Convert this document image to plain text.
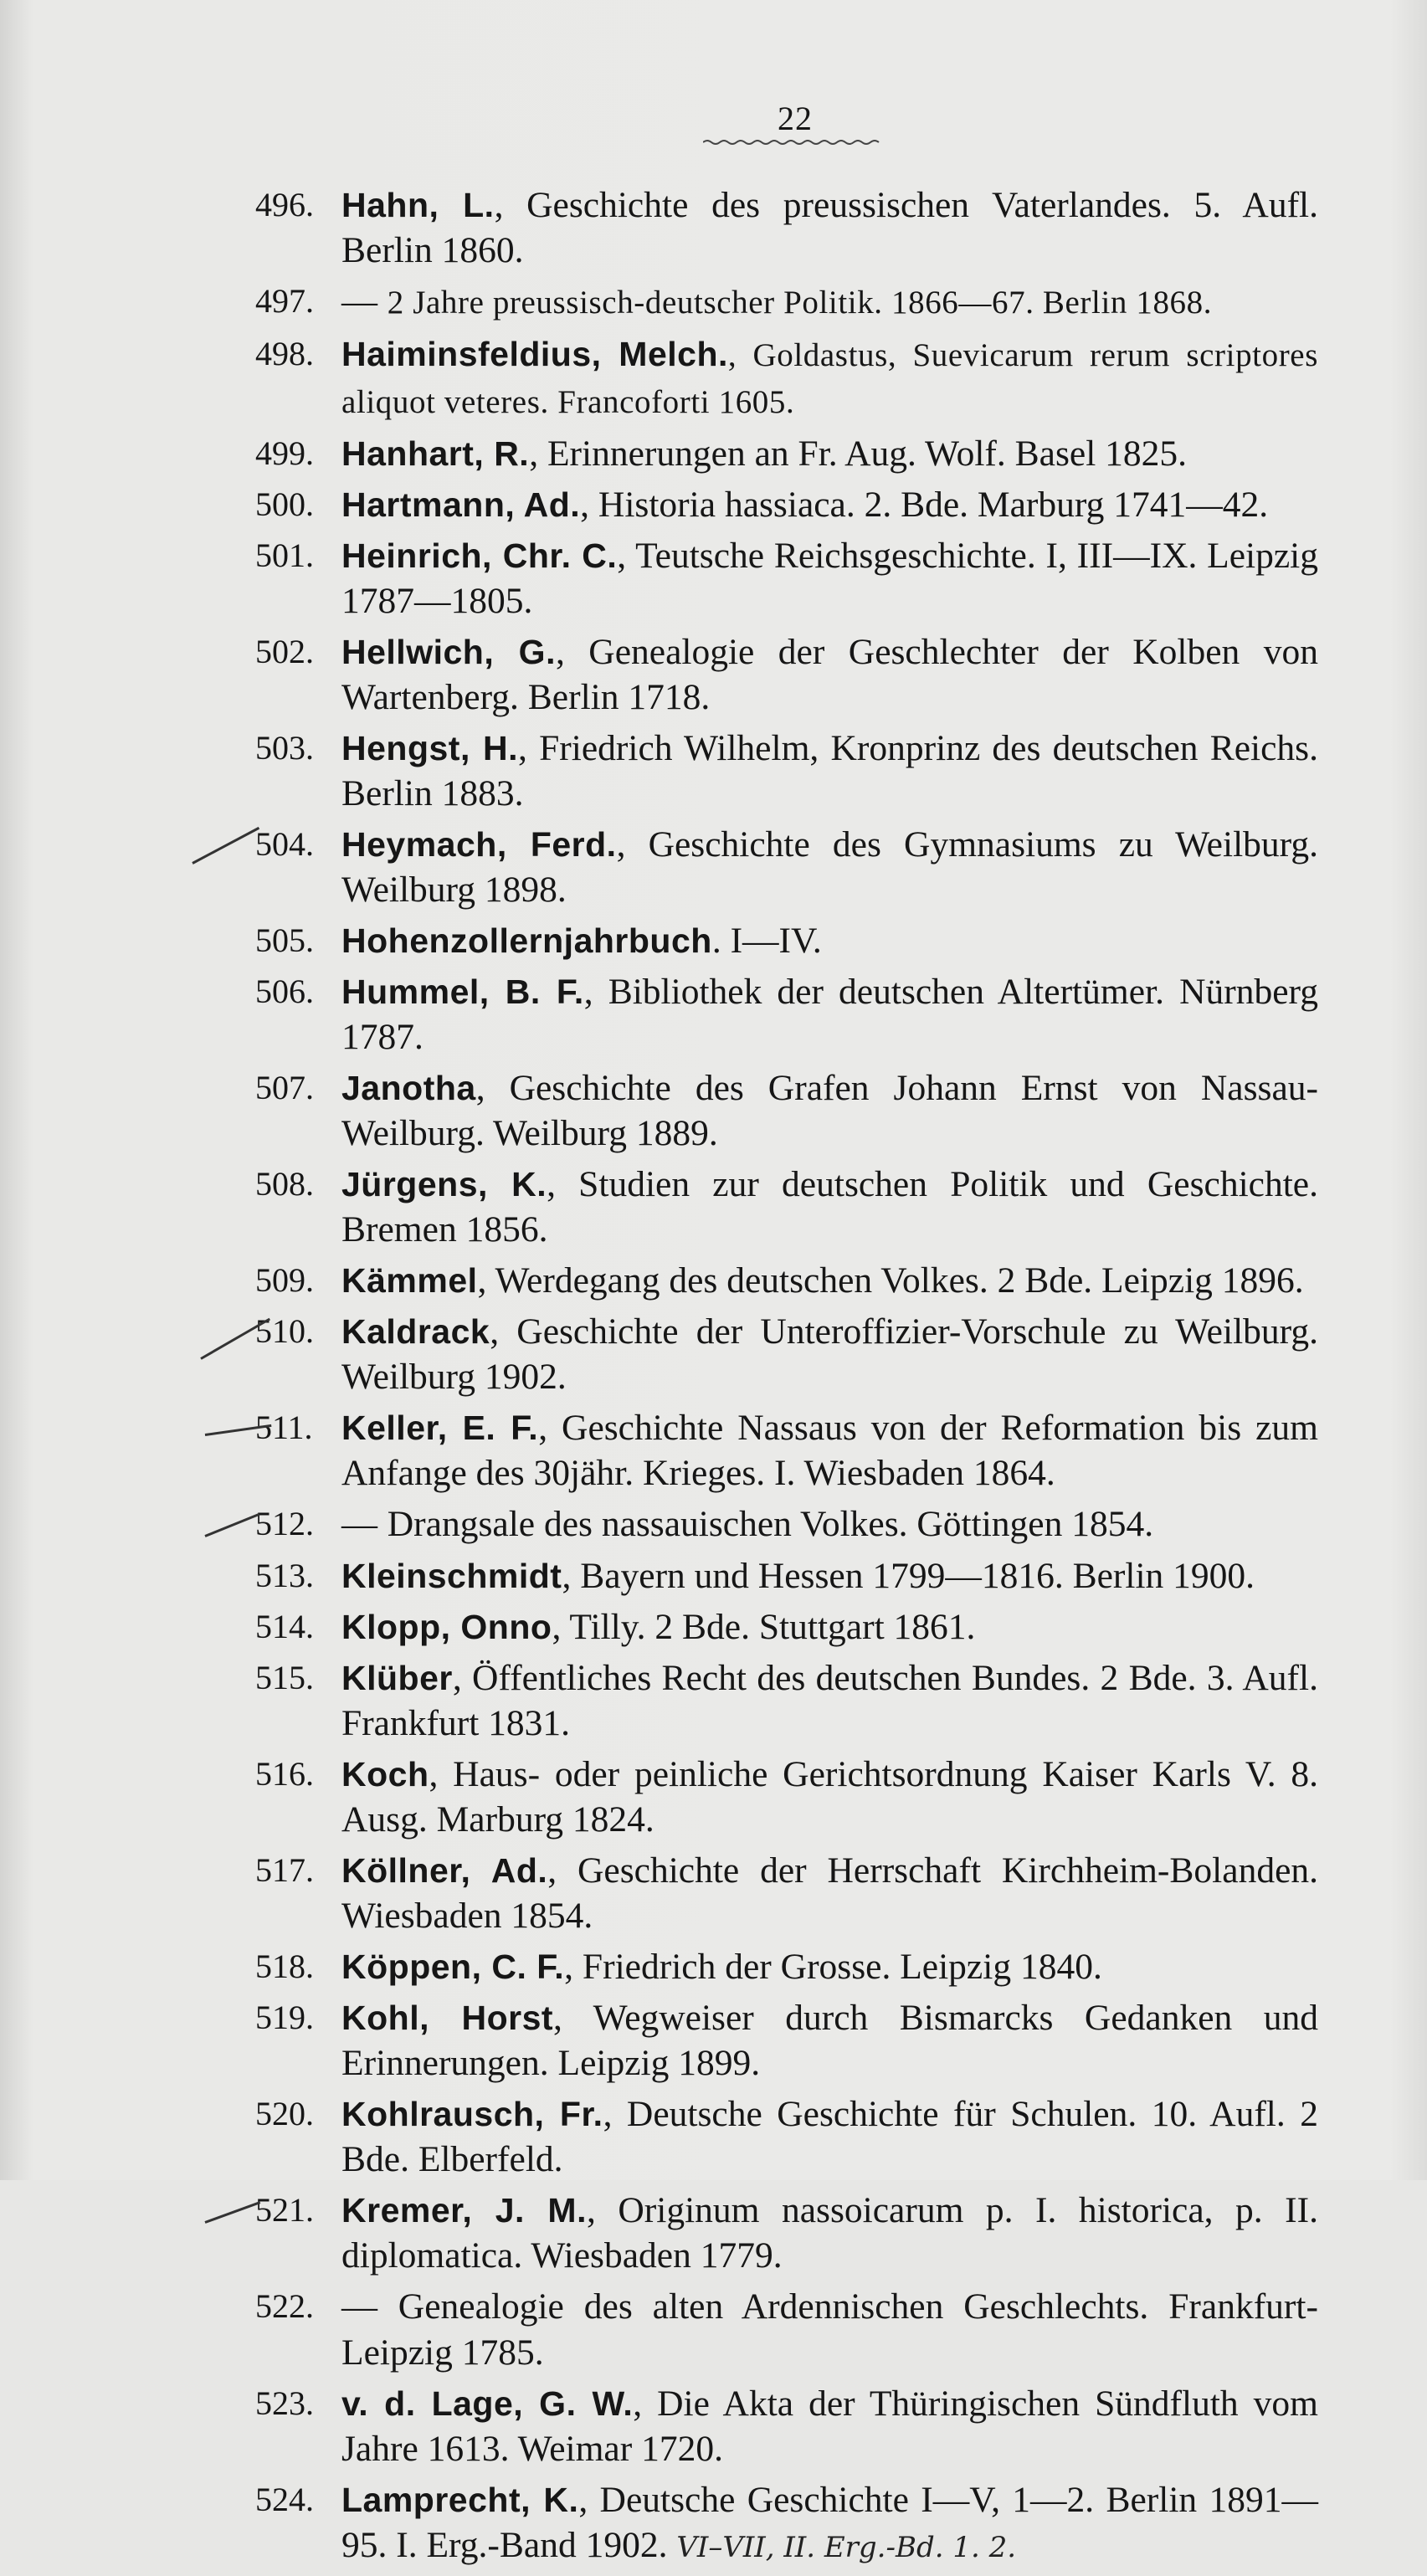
22
496. Hahn, L., Geschichte des preussischen Vaterlandes. 5. Aufl. Berlin 1860.
497. — 2 Jahre preussisch-deutscher Politik. 1866—67. Berlin 1868.
498. Haiminsfeldius, Melch., Goldastus, Suevicarum rerum scriptores aliquot veteres. Francoforti 1605.
499. Hanhart, R., Erinnerungen an Fr. Aug. Wolf. Basel 1825.
500. Hartmann, Ad., Historia hassiaca. 2. Bde. Marburg 1741—42.
501. Heinrich, Chr. C., Teutsche Reichsgeschichte. I, III—IX. Leipzig 1787—1805.
502. Hellwich, G., Genealogie der Geschlechter der Kolben von Wartenberg. Berlin 1718.
503. Hengst, H., Friedrich Wilhelm, Kronprinz des deutschen Reichs. Berlin 1883.
504. Heymach, Ferd., Geschichte des Gymnasiums zu Weilburg. Weilburg 1898.
505. Hohenzollernjahrbuch. I—IV.
506. Hummel, B. F., Bibliothek der deutschen Altertümer. Nürnberg 1787.
507. Janotha, Geschichte des Grafen Johann Ernst von Nassau-Weilburg. Weilburg 1889.
508. Jürgens, K., Studien zur deutschen Politik und Geschichte. Bremen 1856.
509. Kämmel, Werdegang des deutschen Volkes. 2 Bde. Leipzig 1896.
510. Kaldrack, Geschichte der Unteroffizier-Vorschule zu Weilburg. Weilburg 1902.
511. Keller, E. F., Geschichte Nassaus von der Reformation bis zum Anfange des 30jähr. Krieges. I. Wiesbaden 1864.
512. — Drangsale des nassauischen Volkes. Göttingen 1854.
513. Kleinschmidt, Bayern und Hessen 1799—1816. Berlin 1900.
514. Klopp, Onno, Tilly. 2 Bde. Stuttgart 1861.
515. Klüber, Öffentliches Recht des deutschen Bundes. 2 Bde. 3. Aufl. Frankfurt 1831.
516. Koch, Haus- oder peinliche Gerichtsordnung Kaiser Karls V. 8. Ausg. Marburg 1824.
517. Köllner, Ad., Geschichte der Herrschaft Kirchheim-Bolanden. Wiesbaden 1854.
518. Köppen, C. F., Friedrich der Grosse. Leipzig 1840.
519. Kohl, Horst, Wegweiser durch Bismarcks Gedanken und Erinnerungen. Leipzig 1899.
520. Kohlrausch, Fr., Deutsche Geschichte für Schulen. 10. Aufl. 2 Bde. Elberfeld.
521. Kremer, J. M., Originum nassoicarum p. I. historica, p. II. diplomatica. Wiesbaden 1779.
522. — Genealogie des alten Ardennischen Geschlechts. Frankfurt-Leipzig 1785.
523. v. d. Lage, G. W., Die Akta der Thüringischen Sündfluth vom Jahre 1613. Weimar 1720.
524. Lamprecht, K., Deutsche Geschichte I—V, 1—2. Berlin 1891—95. I. Erg.-Band 1902. VI–VII, II. Erg.-Bd. 1. 2.
